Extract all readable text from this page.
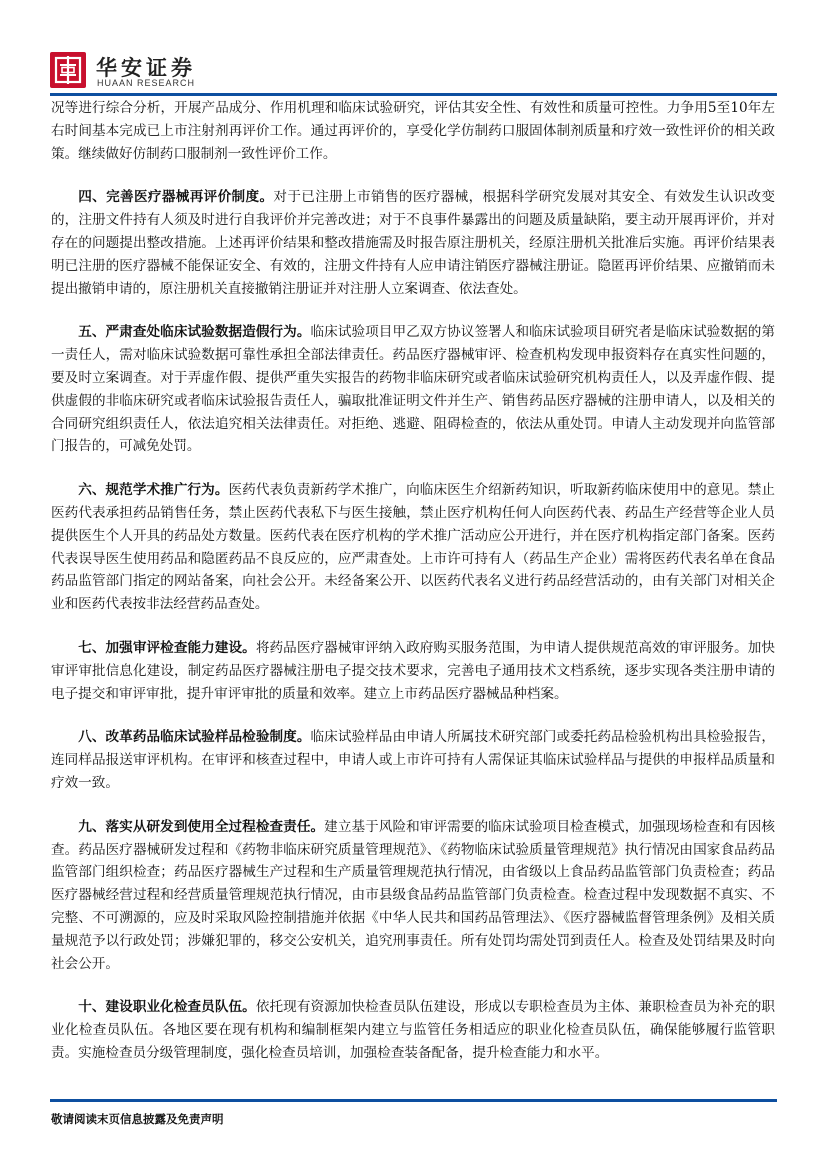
华安证券
HUAAN RESEARCH

况等进行综合分析，开展产品成分、作用机理和临床试验研究，评估其安全性、有效性和质量可控性。力争用5至10年左右时间基本完成已上市注射剂再评价工作。通过再评价的，享受化学仿制药口服固体制剂质量和疗效一致性评价的相关政策。继续做好仿制药口服制剂一致性评价工作。

四、完善医疗器械再评价制度。对于已注册上市销售的医疗器械，根据科学研究发展对其安全、有效发生认识改变的，注册文件持有人须及时进行自我评价并完善改进；对于不良事件暴露出的问题及质量缺陷，要主动开展再评价，并对存在的问题提出整改措施。上述再评价结果和整改措施需及时报告原注册机关，经原注册机关批准后实施。再评价结果表明已注册的医疗器械不能保证安全、有效的，注册文件持有人应申请注销医疗器械注册证。隐匿再评价结果、应撤销而未提出撤销申请的，原注册机关直接撤销注册证并对注册人立案调查、依法查处。

五、严肃查处临床试验数据造假行为。临床试验项目甲乙双方协议签署人和临床试验项目研究者是临床试验数据的第一责任人，需对临床试验数据可靠性承担全部法律责任。药品医疗器械审评、检查机构发现申报资料存在真实性问题的，要及时立案调查。对于弄虚作假、提供严重失实报告的药物非临床研究或者临床试验研究机构责任人，以及弄虚作假、提供虚假的非临床研究或者临床试验报告责任人，骗取批准证明文件并生产、销售药品医疗器械的注册申请人，以及相关的合同研究组织责任人，依法追究相关法律责任。对拒绝、逃避、阻碍检查的，依法从重处罚。申请人主动发现并向监管部门报告的，可减免处罚。

六、规范学术推广行为。医药代表负责新药学术推广，向临床医生介绍新药知识，听取新药临床使用中的意见。禁止医药代表承担药品销售任务，禁止医药代表私下与医生接触，禁止医疗机构任何人向医药代表、药品生产经营等企业人员提供医生个人开具的药品处方数量。医药代表在医疗机构的学术推广活动应公开进行，并在医疗机构指定部门备案。医药代表误导医生使用药品和隐匿药品不良反应的，应严肃查处。上市许可持有人（药品生产企业）需将医药代表名单在食品药品监管部门指定的网站备案，向社会公开。未经备案公开、以医药代表名义进行药品经营活动的，由有关部门对相关企业和医药代表按非法经营药品查处。

七、加强审评检查能力建设。将药品医疗器械审评纳入政府购买服务范围，为申请人提供规范高效的审评服务。加快审评审批信息化建设，制定药品医疗器械注册电子提交技术要求，完善电子通用技术文档系统，逐步实现各类注册申请的电子提交和审评审批，提升审评审批的质量和效率。建立上市药品医疗器械品种档案。

八、改革药品临床试验样品检验制度。临床试验样品由申请人所属技术研究部门或委托药品检验机构出具检验报告，连同样品报送审评机构。在审评和核查过程中，申请人或上市许可持有人需保证其临床试验样品与提供的申报样品质量和疗效一致。

九、落实从研发到使用全过程检查责任。建立基于风险和审评需要的临床试验项目检查模式，加强现场检查和有因核查。药品医疗器械研发过程和《药物非临床研究质量管理规范》、《药物临床试验质量管理规范》执行情况由国家食品药品监管部门组织检查；药品医疗器械生产过程和生产质量管理规范执行情况，由省级以上食品药品监管部门负责检查；药品医疗器械经营过程和经营质量管理规范执行情况，由市县级食品药品监管部门负责检查。检查过程中发现数据不真实、不完整、不可溯源的，应及时采取风险控制措施并依据《中华人民共和国药品管理法》、《医疗器械监督管理条例》及相关质量规范予以行政处罚；涉嫌犯罪的，移交公安机关，追究刑事责任。所有处罚均需处罚到责任人。检查及处罚结果及时向社会公开。

十、建设职业化检查员队伍。依托现有资源加快检查员队伍建设，形成以专职检查员为主体、兼职检查员为补充的职业化检查员队伍。各地区要在现有机构和编制框架内建立与监管任务相适应的职业化检查员队伍，确保能够履行监管职责。实施检查员分级管理制度，强化检查员培训，加强检查装备配备，提升检查能力和水平。

敬请阅读末页信息披露及免责声明
